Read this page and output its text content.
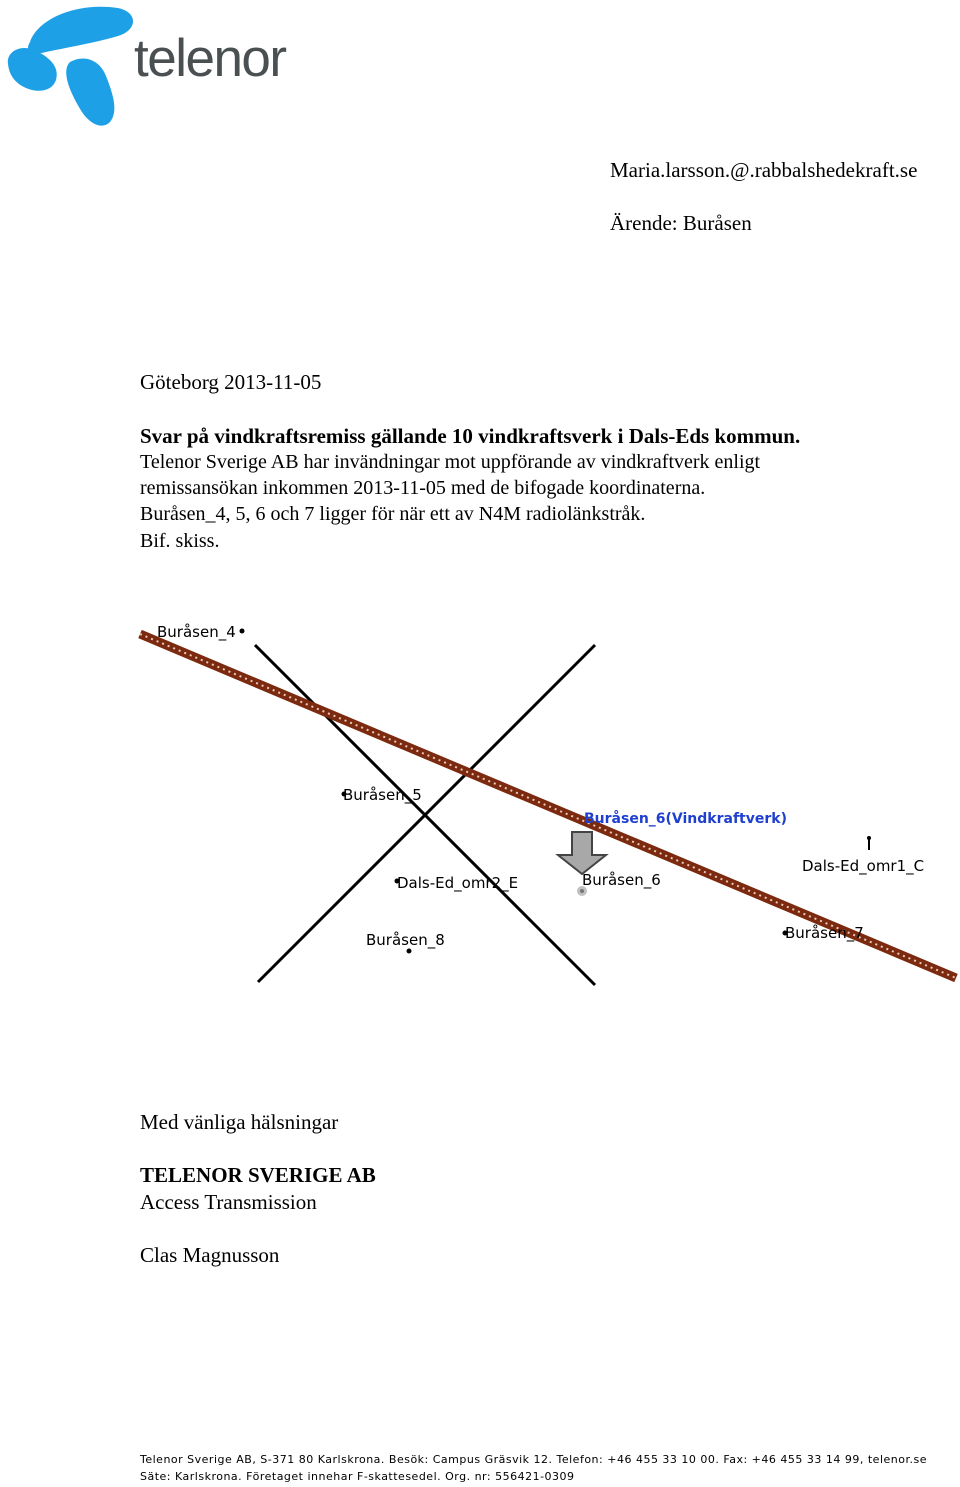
telenor
Maria.larsson.@.rabbalshedekraft.se
Ärende: Buråsen
Göteborg 2013-11-05
Svar på vindkraftsremiss gällande 10 vindkraftsverk i Dals-Eds kommun.
Telenor Sverige AB har invändningar mot uppförande av vindkraftverk enligt
remissansökan inkommen 2013-11-05 med de bifogade koordinaterna.
Buråsen_4, 5, 6 och 7 ligger för när ett av N4M radiolänkstråk.
Bif. skiss.
Buråsen_4
Buråsen_5
Buråsen_6(Vindkraftverk)
Buråsen_6
Dals-Ed_omr2_E
Buråsen_8
Dals-Ed_omr1_C
Buråsen_7
Med vänliga hälsningar
TELENOR SVERIGE AB
Access Transmission
Clas Magnusson
Telenor Sverige AB, S-371 80 Karlskrona. Besök: Campus Gräsvik 12. Telefon: +46 455 33 10 00. Fax: +46 455 33 14 99, telenor.se
Säte: Karlskrona. Företaget innehar F-skattesedel. Org. nr: 556421-0309
